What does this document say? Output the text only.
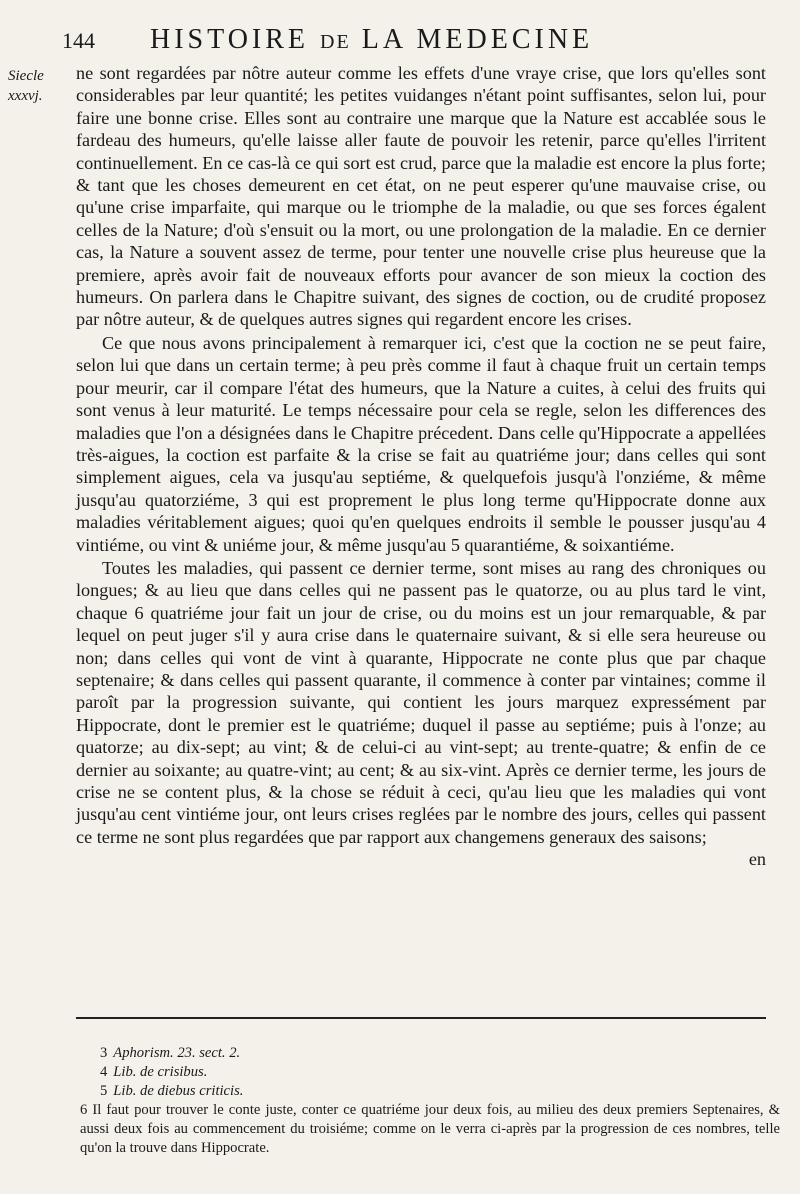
144 HISTOIRE DE LA MEDECINE
Siecle
xxxvj.

ne sont regardées par nôtre auteur comme les effets d'une vraye crise, que lors qu'elles sont considerables par leur quantité; les petites vuidanges n'étant point suffisantes, selon lui, pour faire une bonne crise. Elles sont au contraire une marque que la Nature est accablée sous le fardeau des humeurs, qu'elle laisse aller faute de pouvoir les retenir, parce qu'elles l'irritent continuellement. En ce cas-là ce qui sort est crud, parce que la maladie est encore la plus forte; & tant que les choses demeurent en cet état, on ne peut esperer qu'une mauvaise crise, ou qu'une crise imparfaite, qui marque ou le triomphe de la maladie, ou que ses forces égalent celles de la Nature; d'où s'ensuit ou la mort, ou une prolongation de la maladie. En ce dernier cas, la Nature a souvent assez de terme, pour tenter une nouvelle crise plus heureuse que la premiere, après avoir fait de nouveaux efforts pour avancer de son mieux la coction des humeurs. On parlera dans le Chapitre suivant, des signes de coction, ou de crudité proposez par nôtre auteur, & de quelques autres signes qui regardent encore les crises.

Ce que nous avons principalement à remarquer ici, c'est que la coction ne se peut faire, selon lui que dans un certain terme; à peu près comme il faut à chaque fruit un certain temps pour meurir, car il compare l'état des humeurs, que la Nature a cuites, à celui des fruits qui sont venus à leur maturité. Le temps nécessaire pour cela se regle, selon les differences des maladies que l'on a désignées dans le Chapitre précedent. Dans celle qu'Hippocrate a appellées très-aigues, la coction est parfaite & la crise se fait au quatriéme jour; dans celles qui sont simplement aigues, cela va jusqu'au septiéme, & quelquefois jusqu'à l'onziéme, & même jusqu'au quatorziéme, 3 qui est proprement le plus long terme qu'Hippocrate donne aux maladies véritablement aigues; quoi qu'en quelques endroits il semble le pousser jusqu'au 4 vintiéme, ou vint & uniéme jour, & même jusqu'au 5 quarantiéme, & soixantiéme.

Toutes les maladies, qui passent ce dernier terme, sont mises au rang des chroniques ou longues; & au lieu que dans celles qui ne passent pas le quatorze, ou au plus tard le vint, chaque 6 quatriéme jour fait un jour de crise, ou du moins est un jour remarquable, & par lequel on peut juger s'il y aura crise dans le quaternaire suivant, & si elle sera heureuse ou non; dans celles qui vont de vint à quarante, Hippocrate ne conte plus que par chaque septenaire; & dans celles qui passent quarante, il commence à conter par vintaines; comme il paroît par la progression suivante, qui contient les jours marquez expressément par Hippocrate, dont le premier est le quatriéme; duquel il passe au septiéme; puis à l'onze; au quatorze; au dix-sept; au vint; & de celui-ci au vint-sept; au trente-quatre; & enfin de ce dernier au soixante; au quatre-vint; au cent; & au six-vint. Après ce dernier terme, les jours de crise ne se content plus, & la chose se réduit à ceci, qu'au lieu que les maladies qui vont jusqu'au cent vintiéme jour, ont leurs crises reglées par le nombre des jours, celles qui passent ce terme ne sont plus regardées que par rapport aux changemens generaux des saisons;

en
3 Aphorism. 23. sect. 2.
4 Lib. de crisibus.
5 Lib. de diebus criticis.
6 Il faut pour trouver le conte juste, conter ce quatriéme jour deux fois, au milieu des deux premiers Septenaires, & aussi deux fois au commencement du troisiéme; comme on le verra ci-après par la progression de ces nombres, telle qu'on la trouve dans Hippocrate.
